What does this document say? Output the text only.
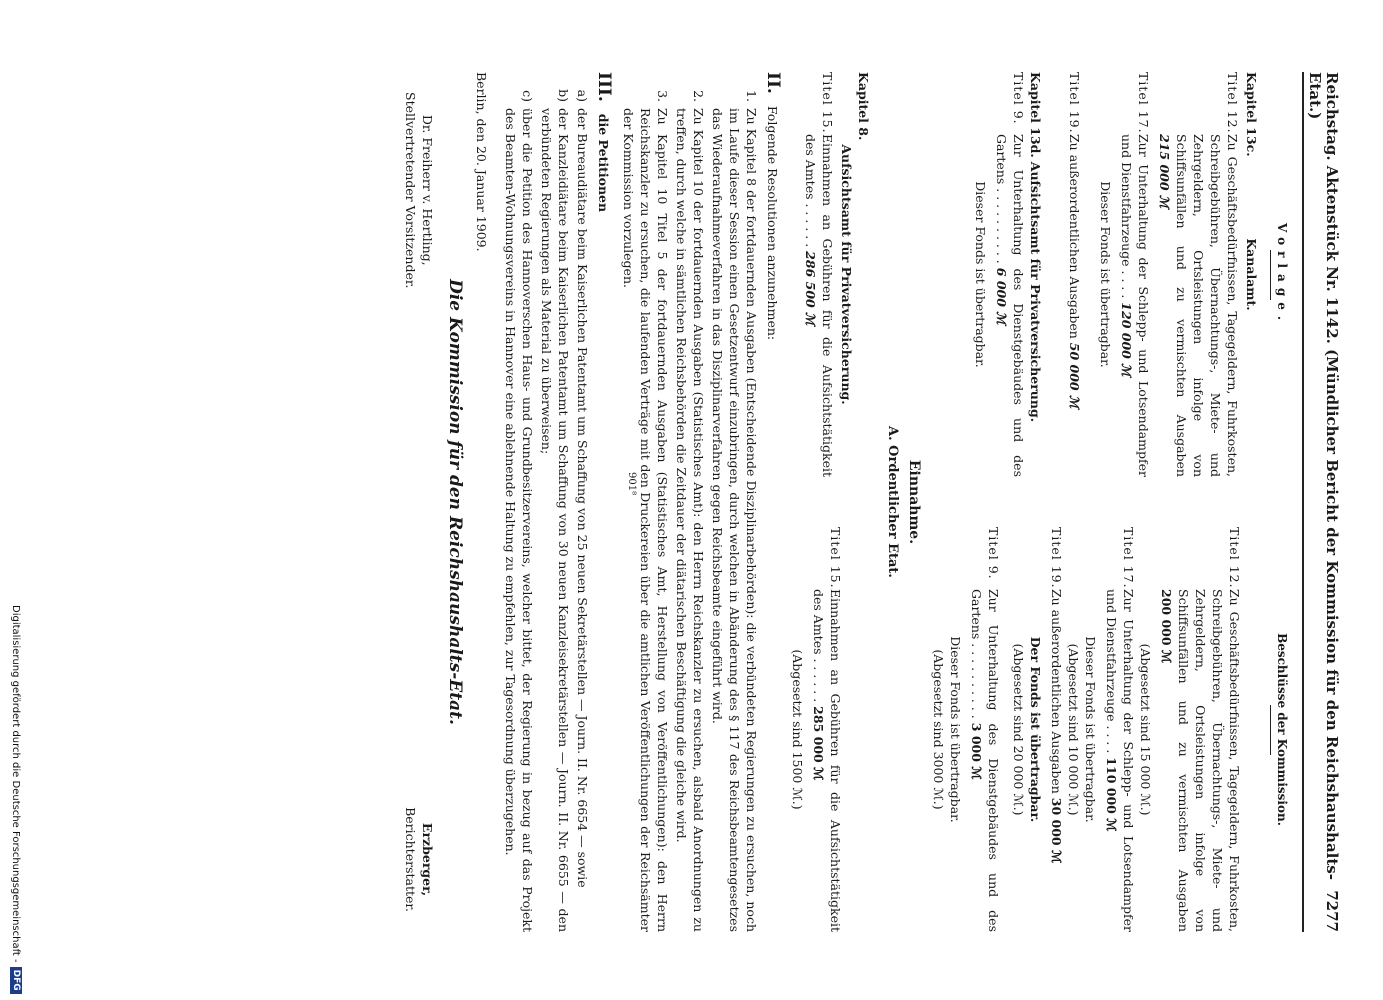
Reichstag. Aktenstück Nr. 1142. (Mündlicher Bericht der Kommission für den Reichshaushalts-Etat.)
7277
Vorlage.
Kapitel 13c.
Kanalamt.
Titel 12.
Zu Geschäftsbedürfnissen, Tagegeldern, Fuhrkosten, Schreibgebühren, Übernachtungs-, Miete- und Zehrgeldern, Ortsleistungen infolge von Schiffsunfällen und zu vermischten Ausgaben 215 000 ℳ
Titel 17.
Zur Unterhaltung der Schlepp- und Lotsendampfer und Dienstfahrzeuge . . . . 120 000 ℳ
Dieser Fonds ist übertragbar.
Titel 19.
Zu außerordentlichen Ausgaben 50 000 ℳ
Kapitel 13d. Aufsichtsamt für Privatversicherung.
Titel 9.
Zur Unterhaltung des Dienstgebäudes und des Gartens . . . . . . . . . . 6 000 ℳ
Dieser Fonds ist übertragbar.
Beschlüsse der Kommission.
Titel 12.
Zu Geschäftsbedürfnissen, Tagegeldern, Fuhrkosten, Schreibgebühren, Übernachtungs-, Miete- und Zehrgeldern, Ortsleistungen infolge von Schiffsunfällen und zu vermischten Ausgaben 200 000 ℳ
(Abgesetzt sind 15 000 ℳ.)
Titel 17.
Zur Unterhaltung der Schlepp- und Lotsendampfer und Dienstfahrzeuge . . . . 110 000 ℳ
Dieser Fonds ist übertragbar.
(Abgesetzt sind 10 000 ℳ.)
Titel 19.
Zu außerordentlichen Ausgaben 30 000 ℳ
Der Fonds ist übertragbar.
(Abgesetzt sind 20 000 ℳ.)
Titel 9.
Zur Unterhaltung des Dienstgebäudes und des Gartens . . . . . . . . . . 3 000 ℳ
Dieser Fonds ist übertragbar.
(Abgesetzt sind 3000 ℳ.)
Einnahme.
A. Ordentlicher Etat.
Kapitel 8.
Aufsichtsamt für Privatversicherung.
Titel 15.
Einnahmen an Gebühren für die Aufsichtstätigkeit des Amtes . . . . . . 286 500 ℳ
Titel 15.
Einnahmen an Gebühren für die Aufsichtstätigkeit des Amtes . . . . . . 285 000 ℳ
(Abgesetzt sind 1500 ℳ.)
II. Folgende Resolutionen anzunehmen:
1.
Zu Kapitel 8 der fortdauernden Ausgaben (Entscheidende Disziplinarbehörden): die verbündeten Regierungen zu ersuchen, noch im Laufe dieser Session einen Gesetzentwurf einzubringen, durch welchen in Abänderung des § 117 des Reichsbeamtengesetzes das Wiederaufnahmeverfahren in das Disziplinarverfahren gegen Reichsbeamte eingeführt wird.
2.
Zu Kapitel 10 der fortdauernden Ausgaben (Statistisches Amt): den Herrn Reichskanzler zu ersuchen, alsbald Anordnungen zu treffen, durch welche in sämtlichen Reichsbehörden die Zeitdauer der diätarischen Beschäftigung die gleiche wird.
3.
Zu Kapitel 10 Titel 5 der fortdauernden Ausgaben (Statistisches Amt, Herstellung von Veröffentlichungen): den Herrn Reichskanzler zu ersuchen, die laufenden Verträge mit den Druckereien über die amtlichen Veröffentlichungen der Reichsämter der Kommission vorzulegen.
III. die Petitionen
a)
der Bureaudiätare beim Kaiserlichen Patentamt um Schaffung von 25 neuen Sekretärstellen — Journ. II. Nr. 6654 — sowie
b)
der Kanzleidiätare beim Kaiserlichen Patentamt um Schaffung von 30 neuen Kanzleisekretärstellen — Journ. II. Nr. 6655 — den verbündeten Regierungen als Material zu überweisen;
c)
über die Petition des Hannoverschen Haus- und Grundbesitzervereins, welcher bittet, der Regierung in bezug auf das Projekt des Beamten-Wohnungsvereins in Hannover eine ablehnende Haltung zu empfehlen, zur Tagesordnung überzugehen.
Berlin, den 20. Januar 1909.
Die Kommission für den Reichshaushalts-Etat.
Dr. Freiherr v. Hertling,
Stellvertretender Vorsitzender.
Erzberger,
Berichterstatter.
901⁸
Digitalisierung gefördert durch die Deutsche Forschungsgemeinschaft -
DFG
